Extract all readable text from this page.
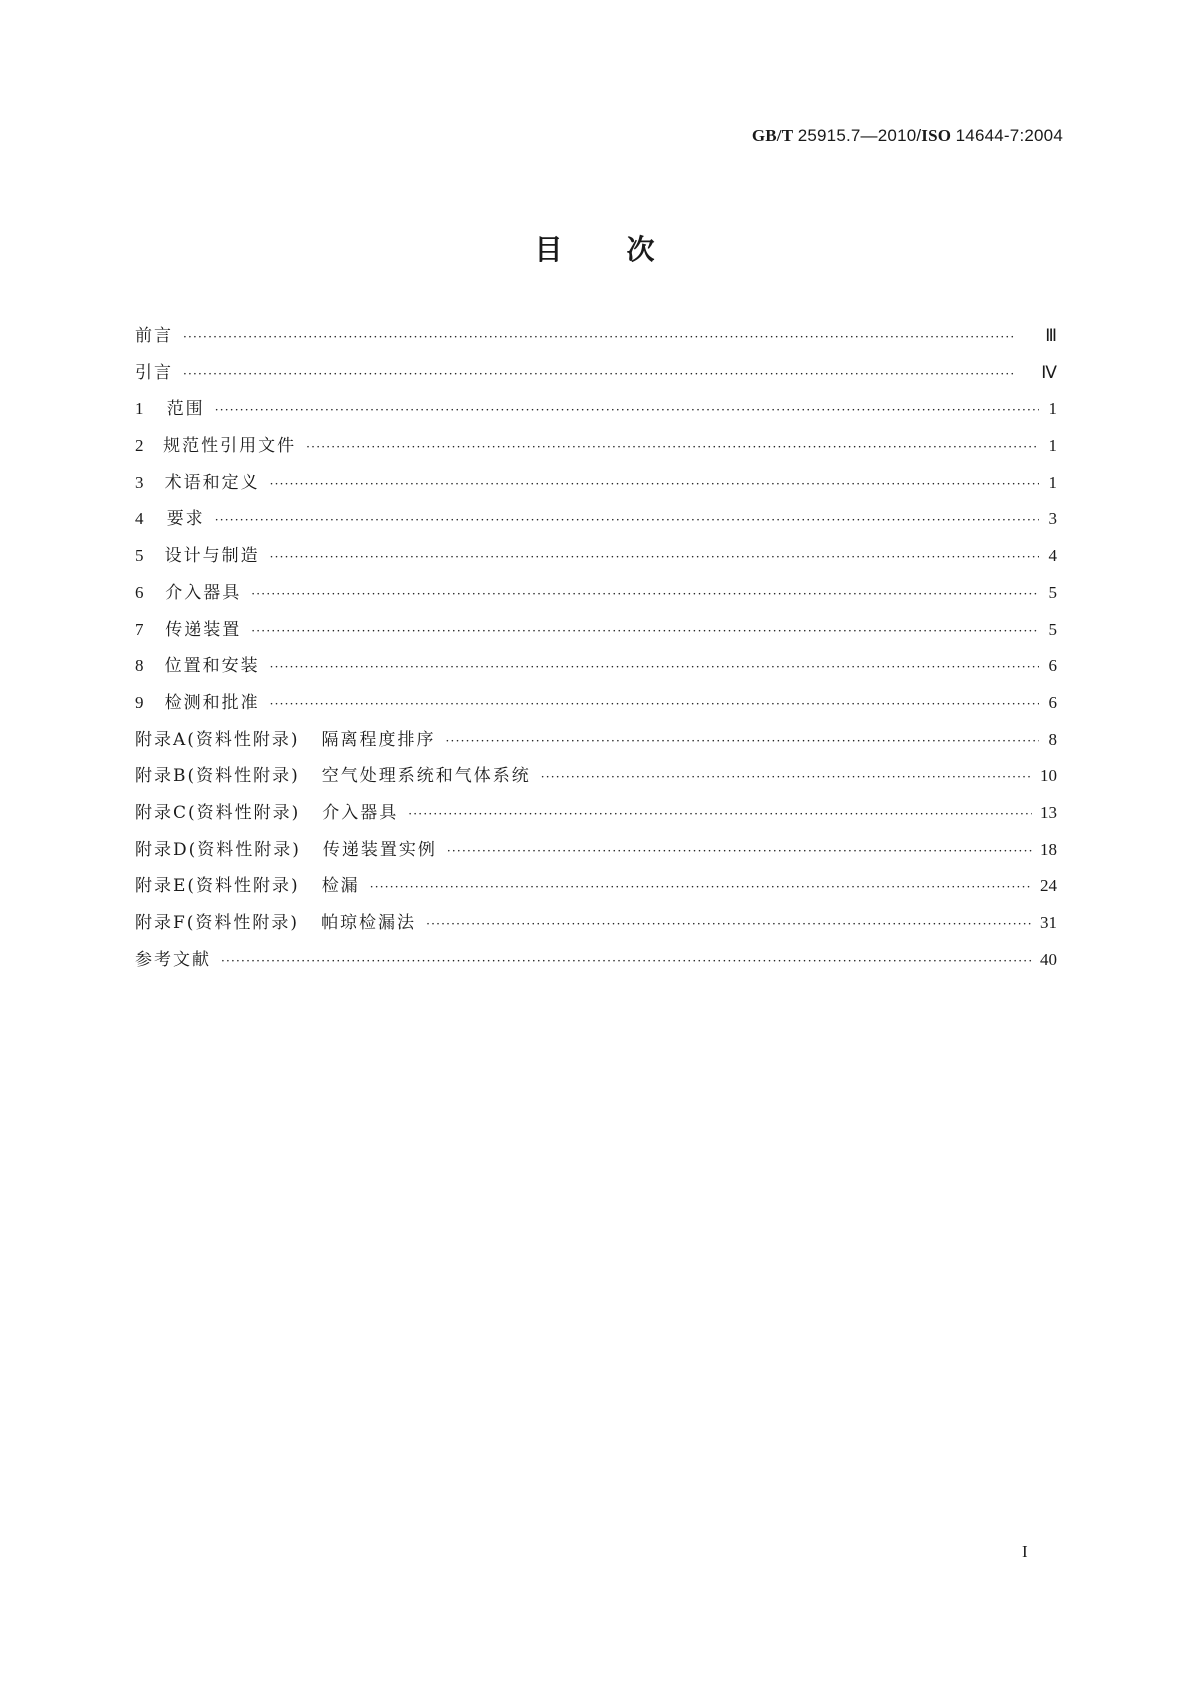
GB/T 25915.7—2010/ISO 14644-7:2004
目 次
前言 ·····	Ⅲ
引言 ·····	Ⅳ
1	范围 ·····	1
2	规范性引用文件 ·····	1
3	术语和定义 ·····	1
4	要求 ·····	3
5	设计与制造 ·····	4
6	介入器具 ·····	5
7	传递装置 ·····	5
8	位置和安装 ·····	6
9	检测和批准 ·····	6
附录A(资料性附录) 隔离程度排序 ·····	8
附录B(资料性附录) 空气处理系统和气体系统 ·····	10
附录C(资料性附录) 介入器具 ·····	13
附录D(资料性附录) 传递装置实例 ·····	18
附录E(资料性附录) 检漏 ·····	24
附录F(资料性附录) 帕琼检漏法 ·····	31
参考文献 ·····	40
I
